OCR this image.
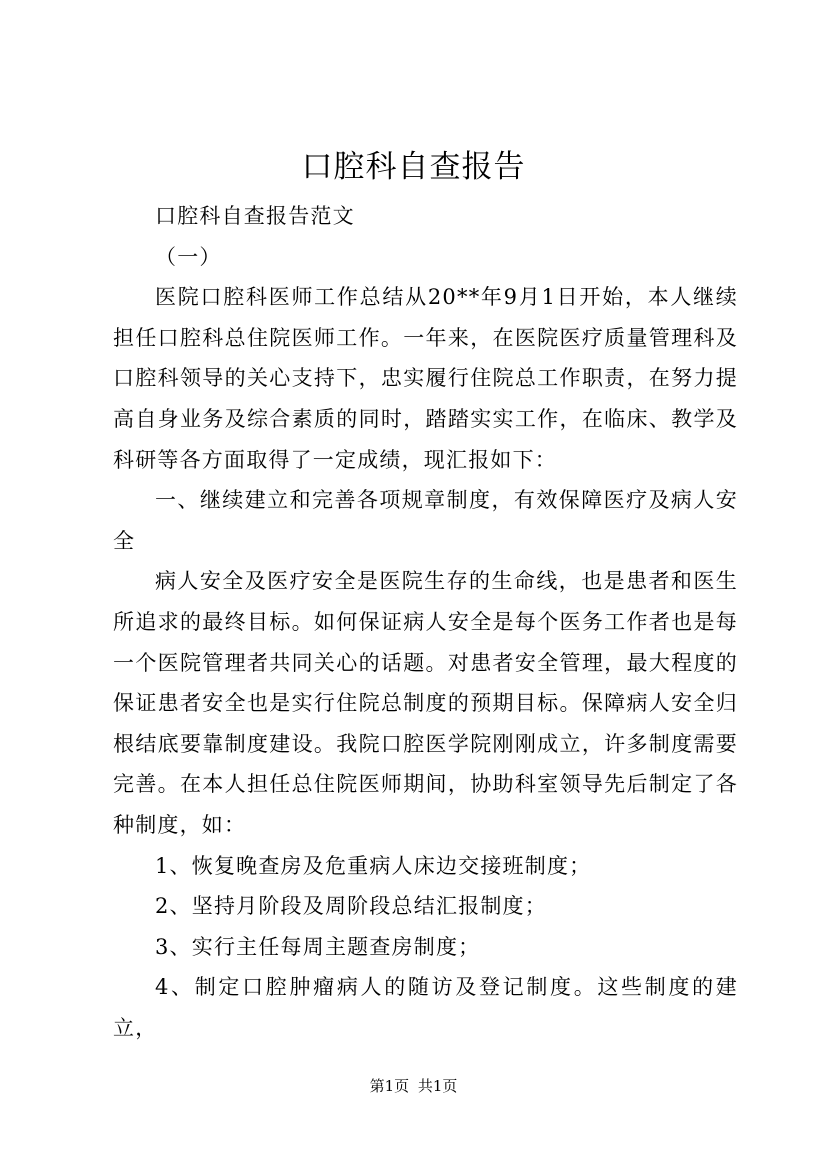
口腔科自查报告

口腔科自查报告范文

（一）

医院口腔科医师工作总结从20**年9月1日开始，本人继续担任口腔科总住院医师工作。一年来，在医院医疗质量管理科及口腔科领导的关心支持下，忠实履行住院总工作职责，在努力提高自身业务及综合素质的同时，踏踏实实工作，在临床、教学及科研等各方面取得了一定成绩，现汇报如下：

一、继续建立和完善各项规章制度，有效保障医疗及病人安全

病人安全及医疗安全是医院生存的生命线，也是患者和医生所追求的最终目标。如何保证病人安全是每个医务工作者也是每一个医院管理者共同关心的话题。对患者安全管理，最大程度的保证患者安全也是实行住院总制度的预期目标。保障病人安全归根结底要靠制度建设。我院口腔医学院刚刚成立，许多制度需要完善。在本人担任总住院医师期间，协助科室领导先后制定了各种制度，如：

1、恢复晚查房及危重病人床边交接班制度；

2、坚持月阶段及周阶段总结汇报制度；

3、实行主任每周主题查房制度；

4、制定口腔肿瘤病人的随访及登记制度。这些制度的建立，

第1页 共1页
